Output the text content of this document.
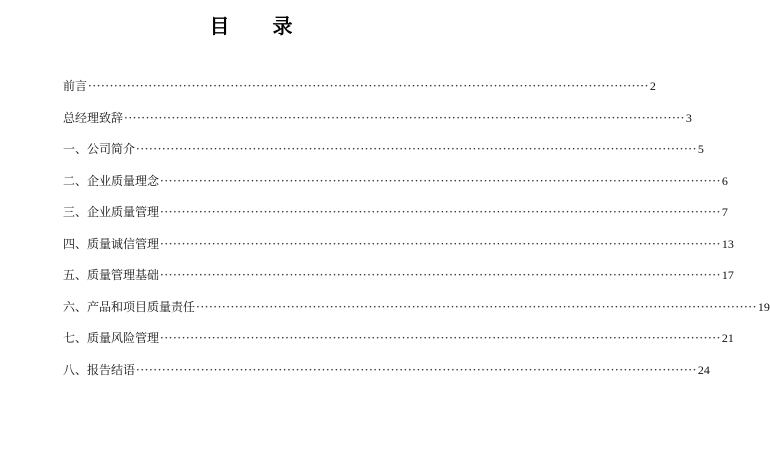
目 录
前言 ·································································································································· 2
总经理致辞 ·································································································································· 3
一、公司简介 ·································································································································· 5
二、企业质量理念 ·································································································································· 6
三、企业质量管理 ·································································································································· 7
四、质量诚信管理 ·································································································································· 13
五、质量管理基础 ·································································································································· 17
六、产品和项目质量责任 ·································································································································· 19
七、质量风险管理 ·································································································································· 21
八、报告结语 ·································································································································· 24
